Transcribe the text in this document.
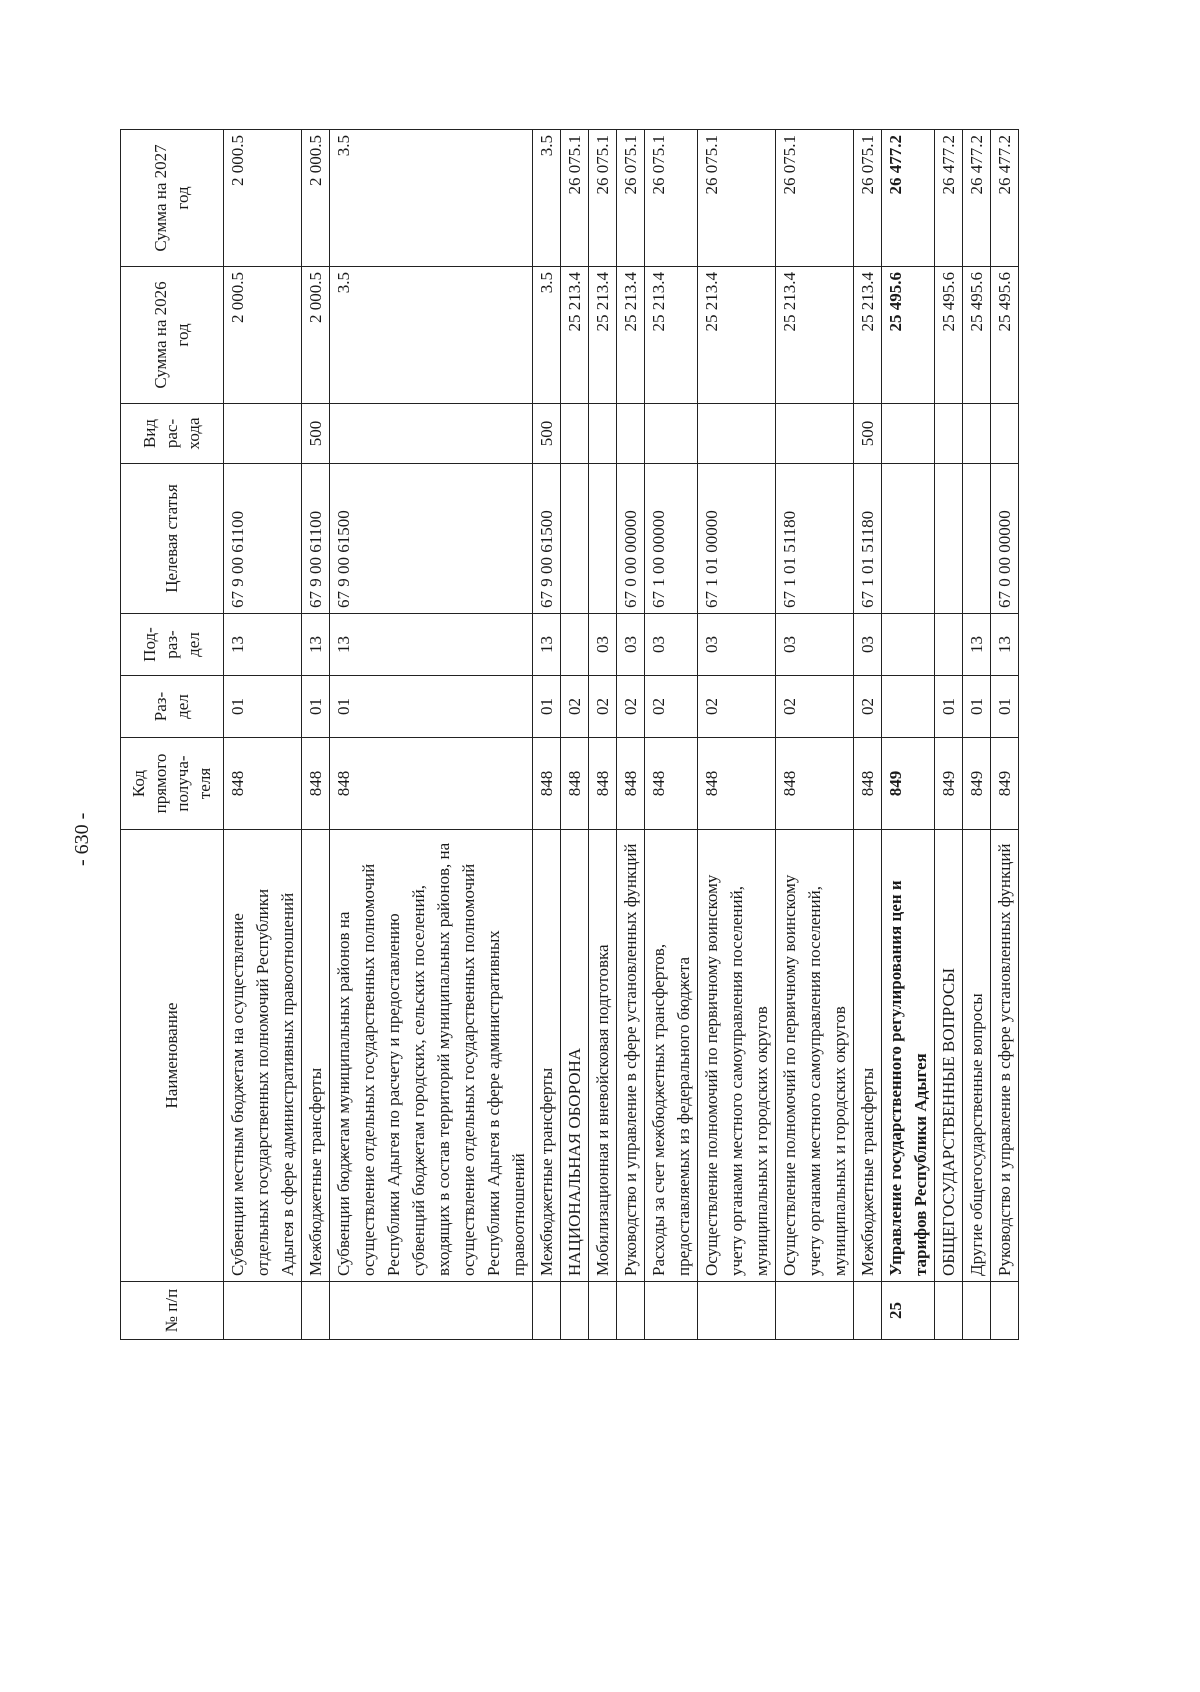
- 630 -
№ п/п	Наименование	Код прямого получа-теля	Раз-дел	Под-раз-дел	Целевая статья	Вид рас-хода	Сумма на 2026 год	Сумма на 2027 год
	Субвенции местным бюджетам на осуществление отдельных государственных полномочий Республики Адыгея в сфере административных правоотношений	848	01	13	67 9 00 61100		2 000.5	2 000.5
	Межбюджетные трансферты	848	01	13	67 9 00 61100	500	2 000.5	2 000.5
	Субвенции бюджетам муниципальных районов на осуществление отдельных государственных полномочий Республики Адыгея по расчету и предоставлению субвенций бюджетам городских, сельских поселений, входящих в состав территорий муниципальных районов, на осуществление отдельных государственных полномочий Республики Адыгея в сфере административных правоотношений	848	01	13	67 9 00 61500		3.5	3.5
	Межбюджетные трансферты	848	01	13	67 9 00 61500	500	3.5	3.5
	НАЦИОНАЛЬНАЯ ОБОРОНА	848	02				25 213.4	26 075.1
	Мобилизационная и вневойсковая подготовка	848	02	03			25 213.4	26 075.1
	Руководство и управление в сфере установленных функций	848	02	03	67 0 00 00000		25 213.4	26 075.1
	Расходы за счет межбюджетных трансфертов, предоставляемых из федерального бюджета	848	02	03	67 1 00 00000		25 213.4	26 075.1
	Осуществление полномочий по первичному воинскому учету органами местного самоуправления поселений, муниципальных и городских округов	848	02	03	67 1 01 00000		25 213.4	26 075.1
	Осуществление полномочий по первичному воинскому учету органами местного самоуправления поселений, муниципальных и городских округов	848	02	03	67 1 01 51180		25 213.4	26 075.1
	Межбюджетные трансферты	848	02	03	67 1 01 51180	500	25 213.4	26 075.1
25	Управление государственного регулирования цен и тарифов Республики Адыгея	849					25 495.6	26 477.2
	ОБЩЕГОСУДАРСТВЕННЫЕ ВОПРОСЫ	849	01				25 495.6	26 477.2
	Другие общегосударственные вопросы	849	01	13			25 495.6	26 477.2
	Руководство и управление в сфере установленных функций	849	01	13	67 0 00 00000		25 495.6	26 477.2
